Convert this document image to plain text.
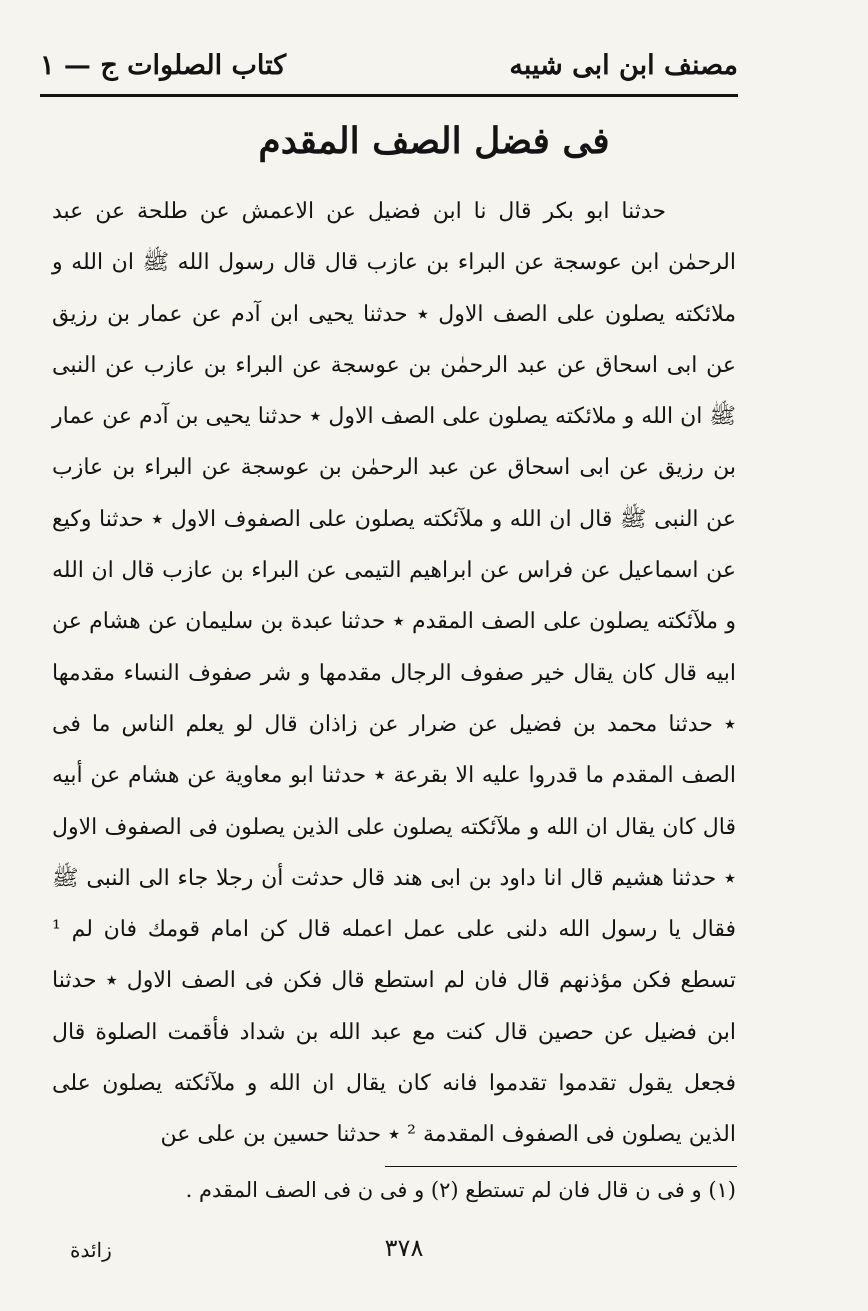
مصنف ابن ابى شيبه
كتاب الصلوات ج — ١
فى فضل الصف المقدم

حدثنا ابو بكر قال نا ابن فضيل عن الاعمش عن طلحة عن عبد الرحمٰن ابن عوسجة عن البراء بن عازب قال قال رسول الله ﷺ ان الله و ملائكته يصلون على الصف الاول ٭ حدثنا يحيى ابن آدم عن عمار بن رزيق عن ابى اسحاق عن عبد الرحمٰن بن عوسجة عن البراء بن عازب عن النبى ﷺ ان الله و ملائكته يصلون على الصف الاول ٭ حدثنا يحيى بن آدم عن عمار بن رزيق عن ابى اسحاق عن عبد الرحمٰن بن عوسجة عن البراء بن عازب عن النبى ﷺ قال ان الله و ملآئكته يصلون على الصفوف الاول ٭ حدثنا وكيع عن اسماعيل عن فراس عن ابراهيم التيمى عن البراء بن عازب قال ان الله و ملآئكته يصلون على الصف المقدم ٭ حدثنا عبدة بن سليمان عن هشام عن ابيه قال كان يقال خير صفوف الرجال مقدمها و شر صفوف النساء مقدمها ٭ حدثنا محمد بن فضيل عن ضرار عن زاذان قال لو يعلم الناس ما فى الصف المقدم ما قدروا عليه الا بقرعة ٭ حدثنا ابو معاوية عن هشام عن أبيه قال كان يقال ان الله و ملآئكته يصلون على الذين يصلون فى الصفوف الاول ٭ حدثنا هشيم قال انا داود بن ابى هند قال حدثت أن رجلا جاء الى النبى ﷺ فقال يا رسول الله دلنى على عمل اعمله قال كن امام قومك فان لم ¹ تسطع فكن مؤذنهم قال فان لم استطع قال فكن فى الصف الاول ٭ حدثنا ابن فضيل عن حصين قال كنت مع عبد الله بن شداد فأقمت الصلوة قال فجعل يقول تقدموا تقدموا فانه كان يقال ان الله و ملآئكته يصلون على الذين يصلون فى الصفوف المقدمة ² ٭ حدثنا حسين بن على عن

(١) و فى ن قال فان لم تستطع (٢) و فى ن فى الصف المقدم .
٣٧٨
زائدة
